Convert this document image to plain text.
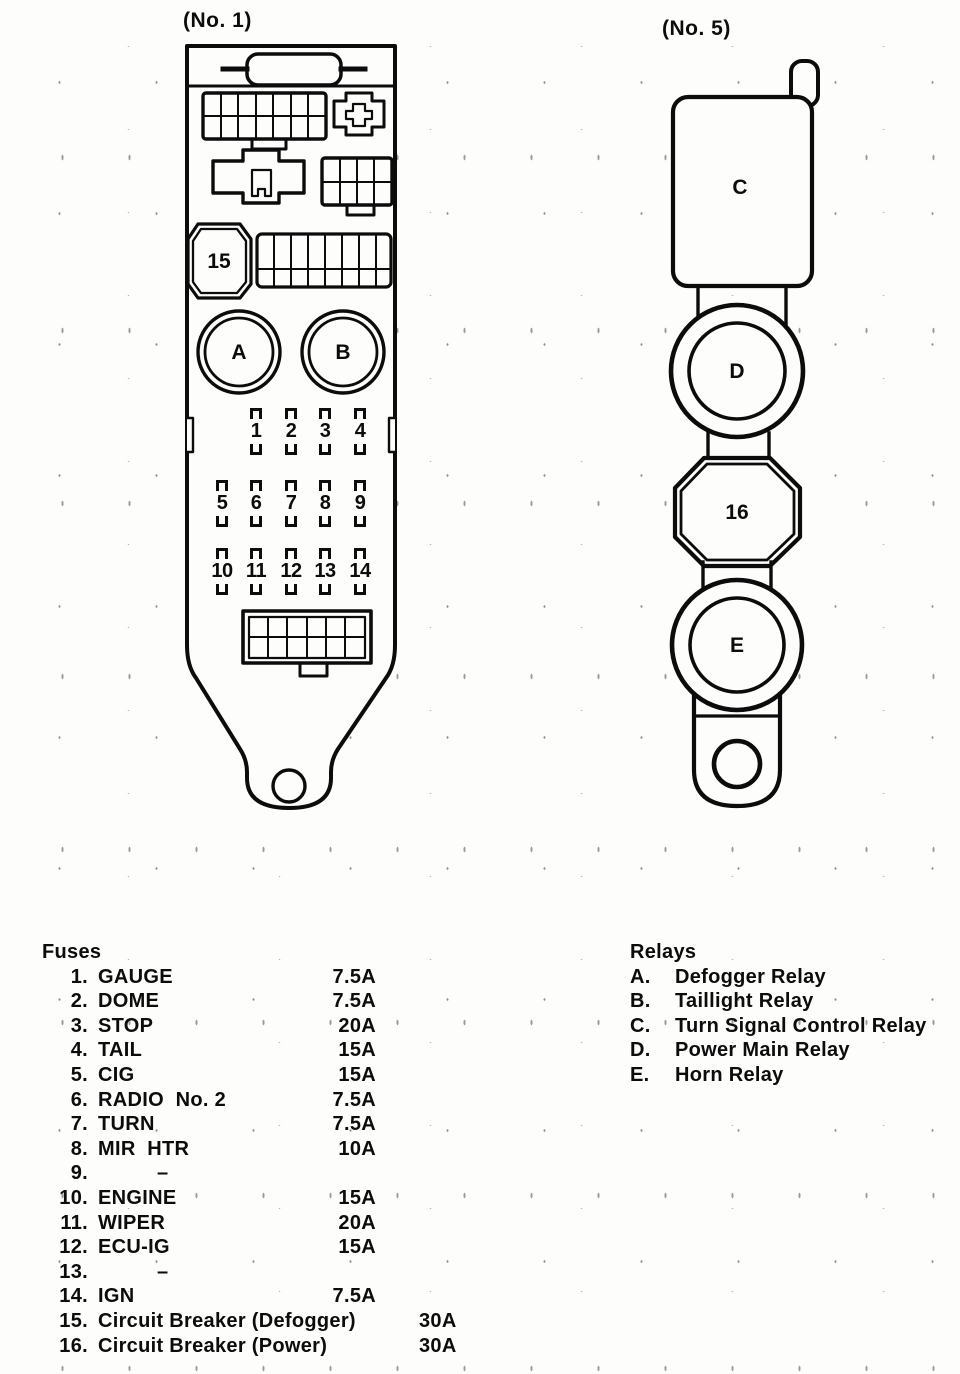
(No. 1)	(No. 5)
15
A	B
C
D
16
E
1 2 3 4
5 6 7 8 9
10 11 12 13 14
Fuses
1. GAUGE	7.5A
2. DOME	7.5A
3. STOP	20A
4. TAIL	15A
5. CIG	15A
6. RADIO  No. 2	7.5A
7. TURN	7.5A
8. MIR  HTR	10A
9.	–
10. ENGINE	15A
11. WIPER	20A
12. ECU-IG	15A
13.	–
14. IGN	7.5A
15. Circuit Breaker (Defogger)	30A
16. Circuit Breaker (Power)	30A
Relays
A. Defogger Relay
B. Taillight Relay
C. Turn Signal Control Relay
D. Power Main Relay
E. Horn Relay
